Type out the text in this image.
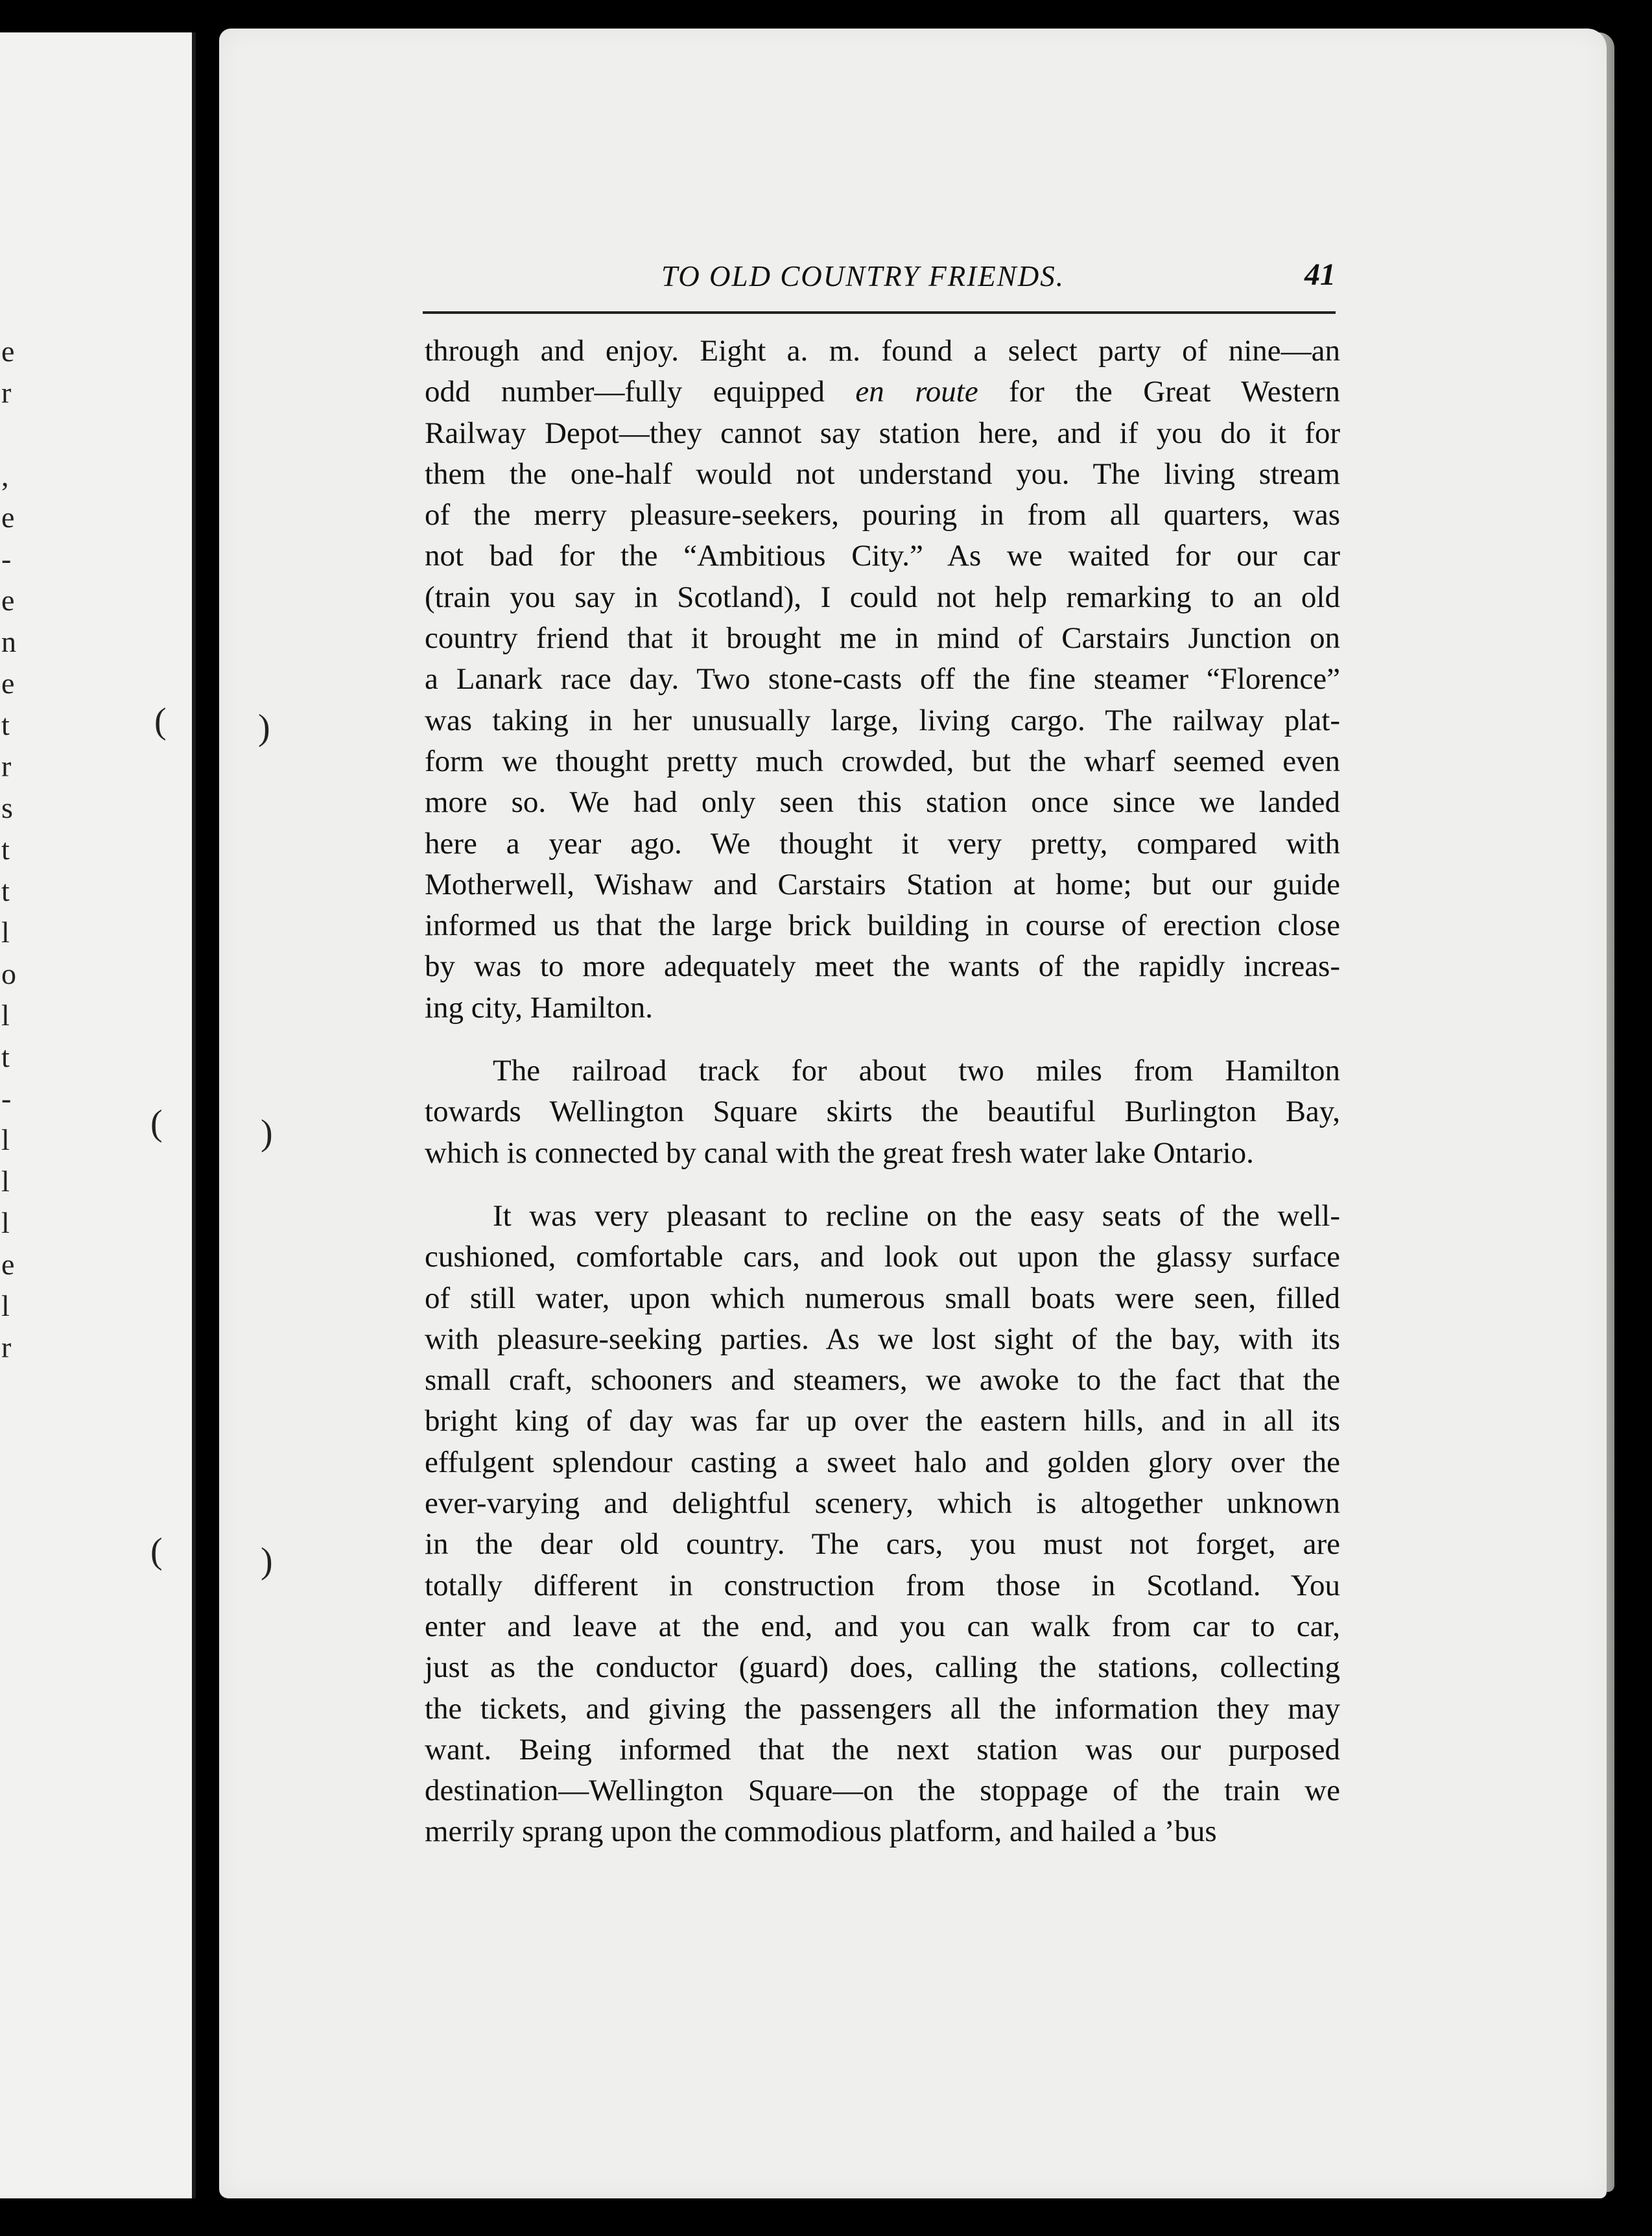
e
r
,
e
-
e
n
e
t
r
s
t
t
l
o
l
t
-
l
l
l
e
l
r
(	)
(	)
(	)
TO OLD COUNTRY FRIENDS.	41

through and enjoy. Eight a. m. found a select party of nine—an
odd number—fully equipped en route for the Great Western
Railway Depot—they cannot say station here, and if you do it for
them the one-half would not understand you. The living stream
of the merry pleasure-seekers, pouring in from all quarters, was
not bad for the “Ambitious City.” As we waited for our car
(train you say in Scotland), I could not help remarking to an old
country friend that it brought me in mind of Carstairs Junction on
a Lanark race day. Two stone-casts off the fine steamer “Florence”
was taking in her unusually large, living cargo. The railway plat-
form we thought pretty much crowded, but the wharf seemed even
more so. We had only seen this station once since we landed
here a year ago. We thought it very pretty, compared with
Motherwell, Wishaw and Carstairs Station at home; but our guide
informed us that the large brick building in course of erection close
by was to more adequately meet the wants of the rapidly increas-
ing city, Hamilton.

The railroad track for about two miles from Hamilton
towards Wellington Square skirts the beautiful Burlington Bay,
which is connected by canal with the great fresh water lake Ontario.

It was very pleasant to recline on the easy seats of the well-
cushioned, comfortable cars, and look out upon the glassy surface
of still water, upon which numerous small boats were seen, filled
with pleasure-seeking parties. As we lost sight of the bay, with its
small craft, schooners and steamers, we awoke to the fact that the
bright king of day was far up over the eastern hills, and in all its
effulgent splendour casting a sweet halo and golden glory over the
ever-varying and delightful scenery, which is altogether unknown
in the dear old country. The cars, you must not forget, are
totally different in construction from those in Scotland. You
enter and leave at the end, and you can walk from car to car,
just as the conductor (guard) does, calling the stations, collecting
the tickets, and giving the passengers all the information they may
want. Being informed that the next station was our purposed
destination—Wellington Square—on the stoppage of the train we
merrily sprang upon the commodious platform, and hailed a ’bus
